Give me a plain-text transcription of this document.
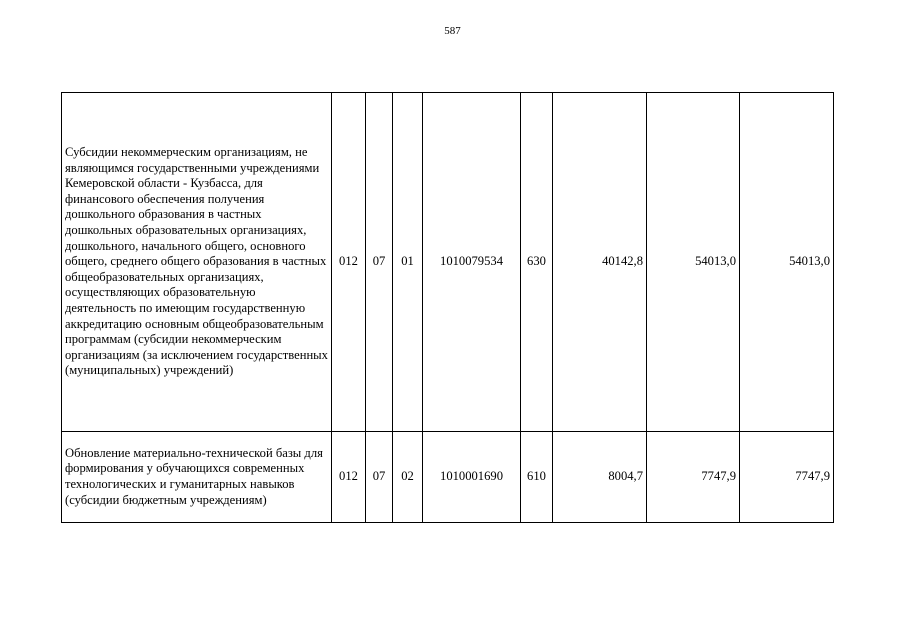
587
Субсидии некоммерческим организациям, не являющимся государственными учреждениями Кемеровской области - Кузбасса, для финансового обеспечения получения дошкольного образования в частных дошкольных образовательных организациях, дошкольного, начального общего, основного общего, среднего общего образования в частных общеобразовательных организациях, осуществляющих образовательную деятельность по имеющим государственную аккредитацию основным общеобразовательным программам (субсидии некоммерческим организациям (за исключением государственных (муниципальных) учреждений)	012	07	01	1010079534	630	40142,8	54013,0	54013,0
Обновление материально-технической базы для формирования у обучающихся современных технологических и гуманитарных навыков (субсидии бюджетным учреждениям)	012	07	02	1010001690	610	8004,7	7747,9	7747,9
